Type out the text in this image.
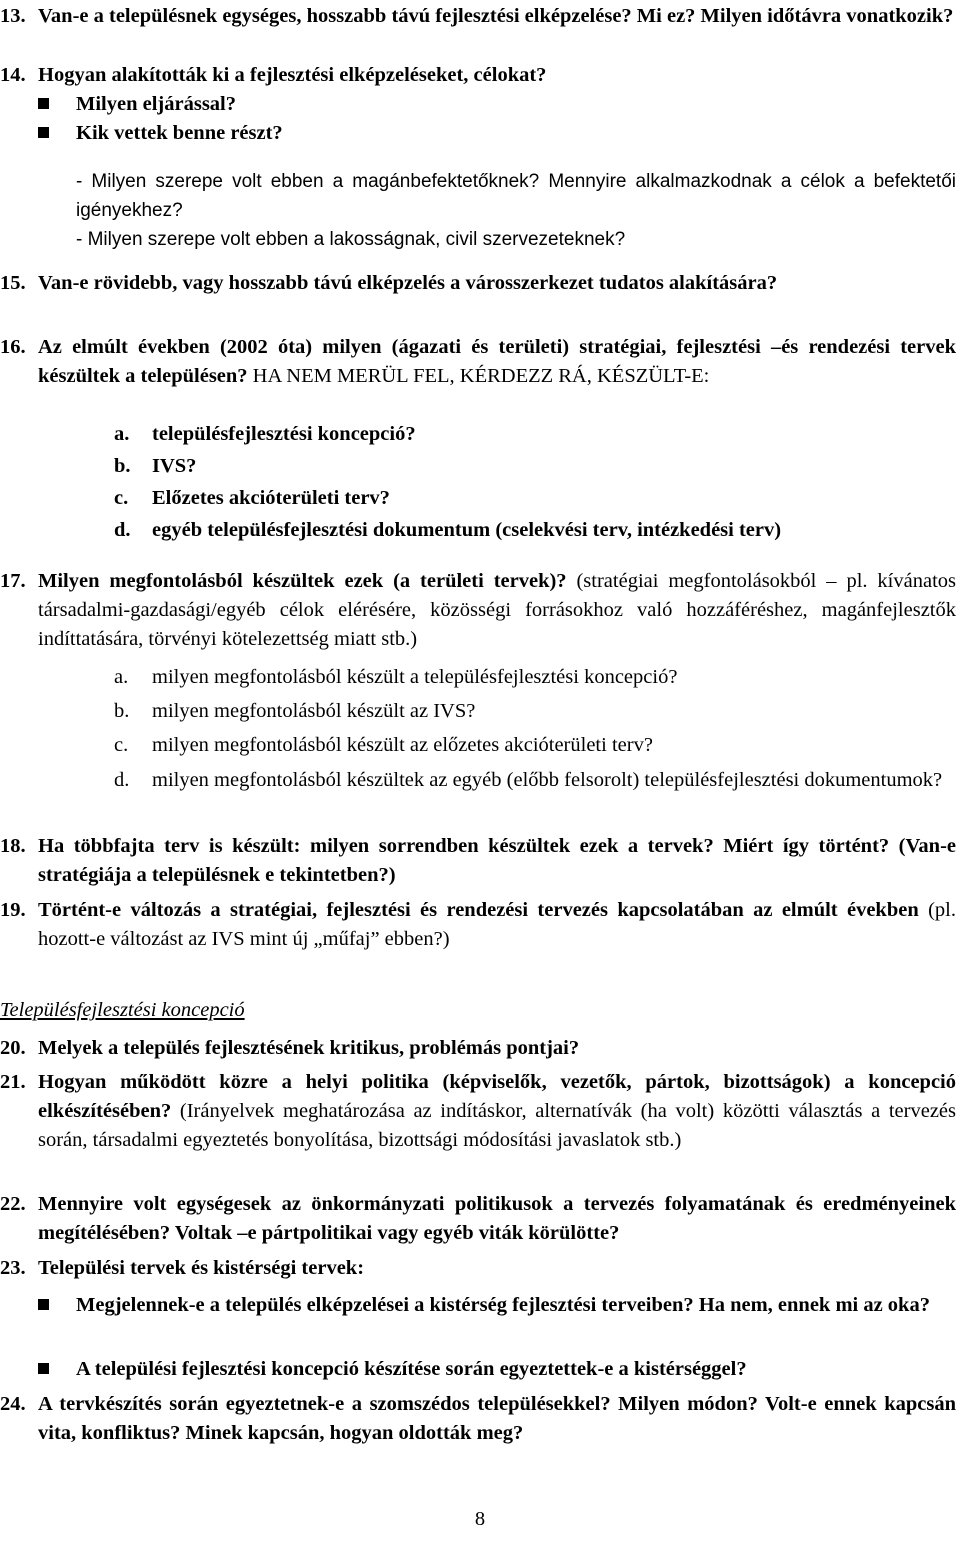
13. Van-e a településnek egységes, hosszabb távú fejlesztési elképzelése? Mi ez? Milyen időtávra vonatkozik?
14. Hogyan alakították ki a fejlesztési elképzeléseket, célokat?
Milyen eljárással?
Kik vettek benne részt?
- Milyen szerepe volt ebben a magánbefektetőknek? Mennyire alkalmazkodnak a célok a befektetői igényekhez?
- Milyen szerepe volt ebben a lakosságnak, civil szervezeteknek?
15. Van-e rövidebb, vagy hosszabb távú elképzelés a városszerkezet tudatos alakítására?
16. Az elmúlt években (2002 óta) milyen (ágazati és területi) stratégiai, fejlesztési –és rendezési tervek készültek a településen? HA NEM MERÜL FEL, KÉRDEZZ RÁ, KÉSZÜLT-E:
a. településfejlesztési koncepció?
b. IVS?
c. Előzetes akcióterületi terv?
d. egyéb településfejlesztési dokumentum (cselekvési terv, intézkedési terv)
17. Milyen megfontolásból készültek ezek (a területi tervek)? (stratégiai megfontolásokból – pl. kívánatos társadalmi-gazdasági/egyéb célok elérésére, közösségi forrásokhoz való hozzáféréshez, magánfejlesztők indíttatására, törvényi kötelezettség miatt stb.)
a. milyen megfontolásból készült a településfejlesztési koncepció?
b. milyen megfontolásból készült az IVS?
c. milyen megfontolásból készült az előzetes akcióterületi terv?
d. milyen megfontolásból készültek az egyéb (előbb felsorolt) településfejlesztési dokumentumok?
18. Ha többfajta terv is készült: milyen sorrendben készültek ezek a tervek? Miért így történt? (Van-e stratégiája a településnek e tekintetben?)
19. Történt-e változás a stratégiai, fejlesztési és rendezési tervezés kapcsolatában az elmúlt években (pl. hozott-e változást az IVS mint új „műfaj” ebben?)
Településfejlesztési koncepció
20. Melyek a település fejlesztésének kritikus, problémás pontjai?
21. Hogyan működött közre a helyi politika (képviselők, vezetők, pártok, bizottságok) a koncepció elkészítésében? (Irányelvek meghatározása az indításkor, alternatívák (ha volt) közötti választás a tervezés során, társadalmi egyeztetés bonyolítása, bizottsági módosítási javaslatok stb.)
22. Mennyire volt egységesek az önkormányzati politikusok a tervezés folyamatának és eredményeinek megítélésében? Voltak –e pártpolitikai vagy egyéb viták körülötte?
23. Települési tervek és kistérségi tervek:
Megjelennek-e a település elképzelései a kistérség fejlesztési terveiben? Ha nem, ennek mi az oka?
A települési fejlesztési koncepció készítése során egyeztettek-e a kistérséggel?
24. A tervkészítés során egyeztetnek-e a szomszédos településekkel? Milyen módon? Volt-e ennek kapcsán vita, konfliktus? Minek kapcsán, hogyan oldották meg?
8
